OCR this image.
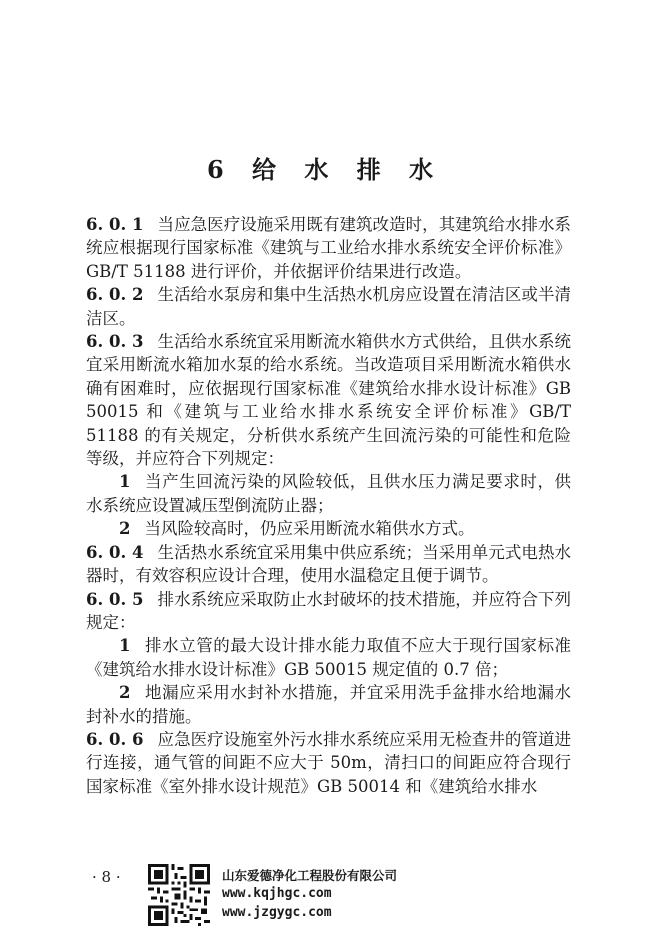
6 给 水 排 水

6. 0. 1 当应急医疗设施采用既有建筑改造时，其建筑给水排水系统应根据现行国家标准《建筑与工业给水排水系统安全评价标准》GB/T 51188 进行评价，并依据评价结果进行改造。

6. 0. 2 生活给水泵房和集中生活热水机房应设置在清洁区或半清洁区。

6. 0. 3 生活给水系统宜采用断流水箱供水方式供给，且供水系统宜采用断流水箱加水泵的给水系统。当改造项目采用断流水箱供水确有困难时，应依据现行国家标准《建筑给水排水设计标准》GB 50015 和《建筑与工业给水排水系统安全评价标准》GB/T 51188 的有关规定，分析供水系统产生回流污染的可能性和危险等级，并应符合下列规定：

1 当产生回流污染的风险较低，且供水压力满足要求时，供水系统应设置减压型倒流防止器；

2 当风险较高时，仍应采用断流水箱供水方式。

6. 0. 4 生活热水系统宜采用集中供应系统；当采用单元式电热水器时，有效容积应设计合理，使用水温稳定且便于调节。

6. 0. 5 排水系统应采取防止水封破坏的技术措施，并应符合下列规定：

1 排水立管的最大设计排水能力取值不应大于现行国家标准《建筑给水排水设计标准》GB 50015 规定值的 0.7 倍；

2 地漏应采用水封补水措施，并宜采用洗手盆排水给地漏水封补水的措施。

6. 0. 6 应急医疗设施室外污水排水系统应采用无检查井的管道进行连接，通气管的间距不应大于 50m，清扫口的间距应符合现行国家标准《室外排水设计规范》GB 50014 和《建筑给水排水

· 8 ·	山东爱德净化工程股份有限公司
www.kqjhgc.com
www.jzgygc.com
